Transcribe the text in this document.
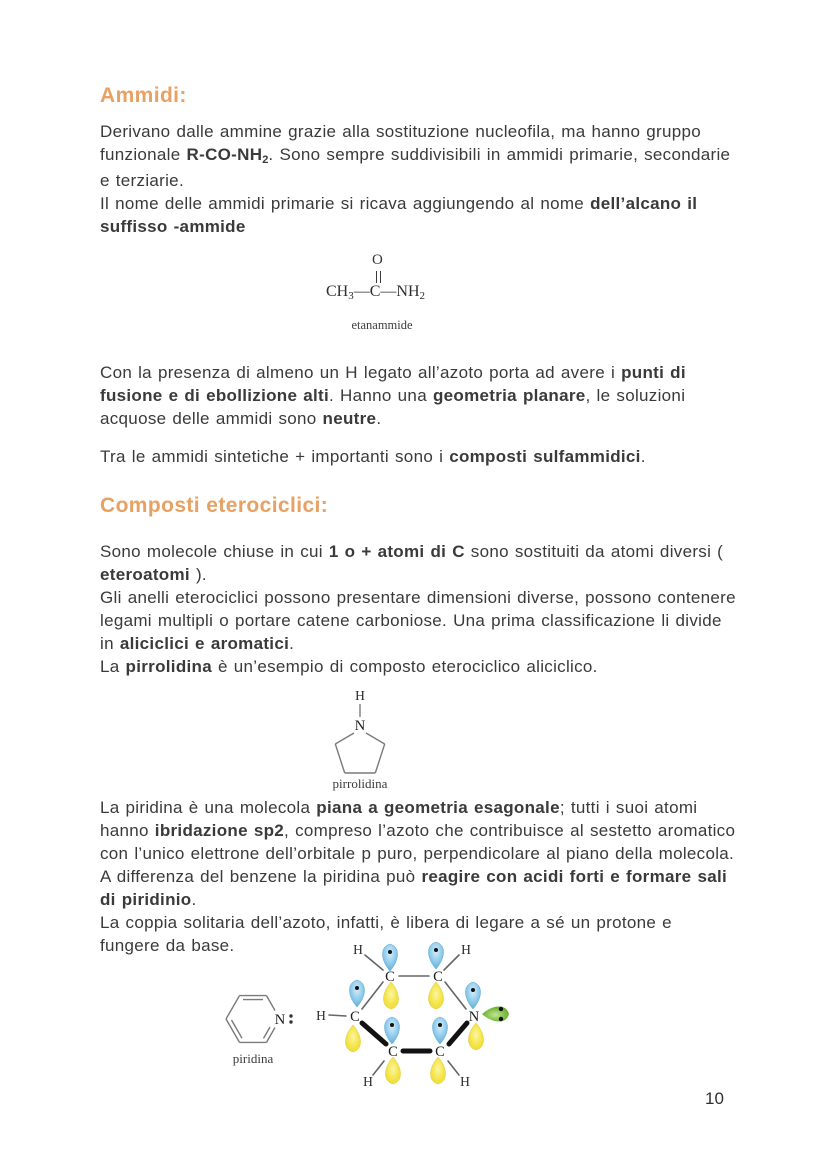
Ammidi:
Derivano dalle ammine grazie alla sostituzione nucleofila, ma hanno gruppo funzionale R-CO-NH2. Sono sempre suddivisibili in ammidi primarie, secondarie e terziarie.
Il nome delle ammidi primarie si ricava aggiungendo al nome dell’alcano il suffisso -ammide
O
CH3—C—NH2
etanammide
Con la presenza di almeno un H legato all’azoto porta ad avere i punti di fusione e di ebollizione alti. Hanno una geometria planare, le soluzioni acquose delle ammidi sono neutre.
Tra le ammidi sintetiche + importanti sono i composti sulfammidici.
Composti eterociclici:
Sono molecole chiuse in cui 1 o + atomi di C sono sostituiti da atomi diversi ( eteroatomi ).
Gli anelli eterociclici possono presentare dimensioni diverse, possono contenere legami multipli o portare catene carboniose. Una prima classificazione li divide in aliciclici e aromatici.
La pirrolidina è un’esempio di composto eterociclico aliciclico.
H
N
pirrolidina
La piridina è una molecola piana a geometria esagonale; tutti i suoi atomi hanno ibridazione sp2, compreso l’azoto che contribuisce al sestetto aromatico con l’unico elettrone dell’orbitale p puro, perpendicolare al piano della molecola. A differenza del benzene la piridina può reagire con acidi forti e formare sali di piridinio.
La coppia solitaria dell’azoto, infatti, è libera di legare a sé un protone e fungere da base.
N
piridina
C	C
C	N
C	C
H	H
H
H	H
10
